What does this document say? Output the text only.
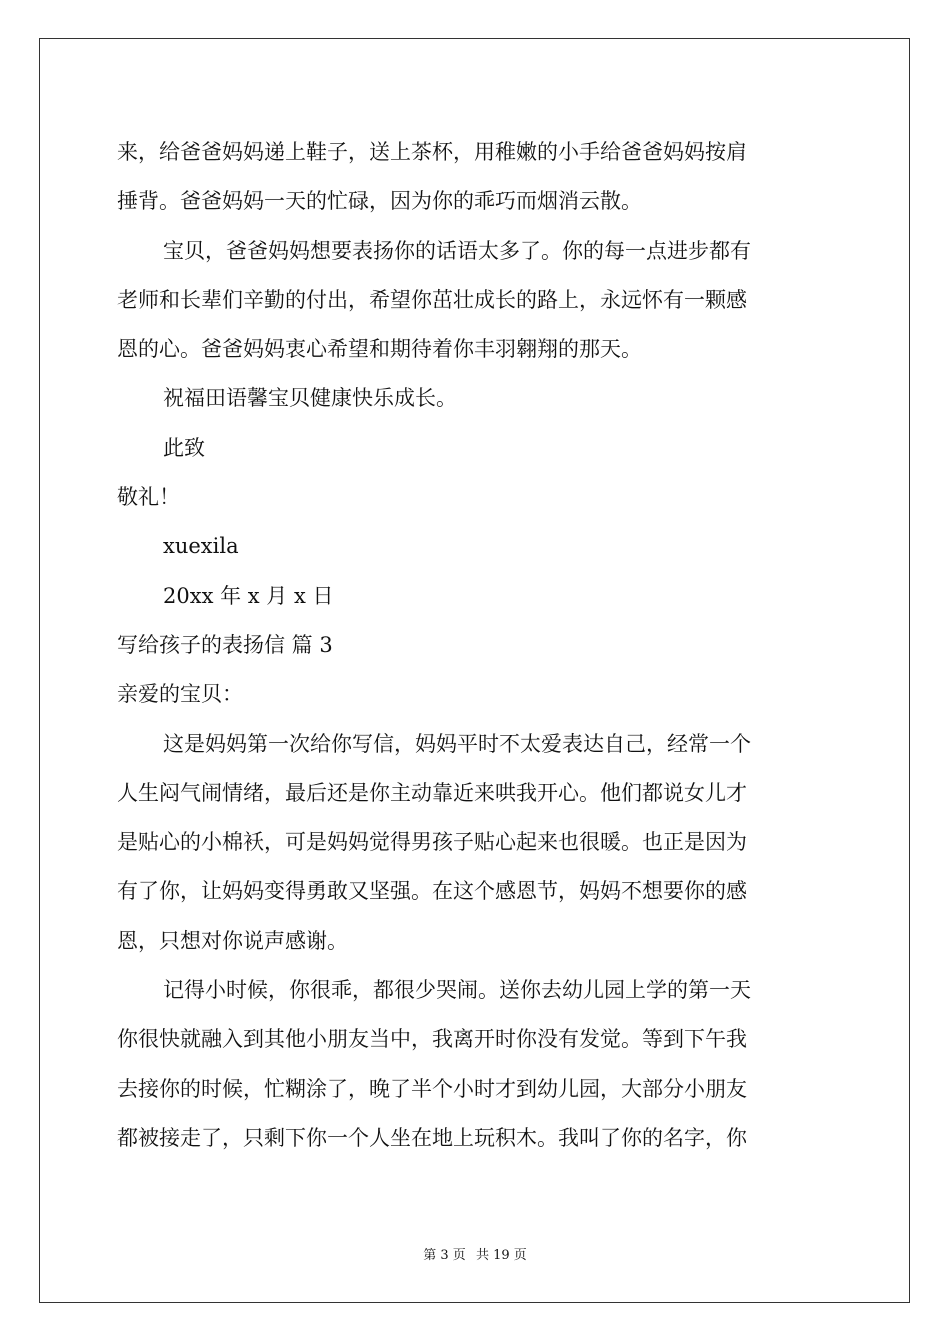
来，给爸爸妈妈递上鞋子，送上茶杯，用稚嫩的小手给爸爸妈妈按肩

捶背。爸爸妈妈一天的忙碌，因为你的乖巧而烟消云散。

宝贝，爸爸妈妈想要表扬你的话语太多了。你的每一点进步都有

老师和长辈们辛勤的付出，希望你茁壮成长的路上，永远怀有一颗感

恩的心。爸爸妈妈衷心希望和期待着你丰羽翱翔的那天。

祝福田语馨宝贝健康快乐成长。

此致

敬礼！

xuexila

20xx 年 x 月 x 日

写给孩子的表扬信 篇 3

亲爱的宝贝：

这是妈妈第一次给你写信，妈妈平时不太爱表达自己，经常一个

人生闷气闹情绪，最后还是你主动靠近来哄我开心。他们都说女儿才

是贴心的小棉袄，可是妈妈觉得男孩子贴心起来也很暖。也正是因为

有了你，让妈妈变得勇敢又坚强。在这个感恩节，妈妈不想要你的感

恩，只想对你说声感谢。

记得小时候，你很乖，都很少哭闹。送你去幼儿园上学的第一天

你很快就融入到其他小朋友当中，我离开时你没有发觉。等到下午我

去接你的时候，忙糊涂了，晚了半个小时才到幼儿园，大部分小朋友

都被接走了，只剩下你一个人坐在地上玩积木。我叫了你的名字，你

第 3 页 共 19 页
